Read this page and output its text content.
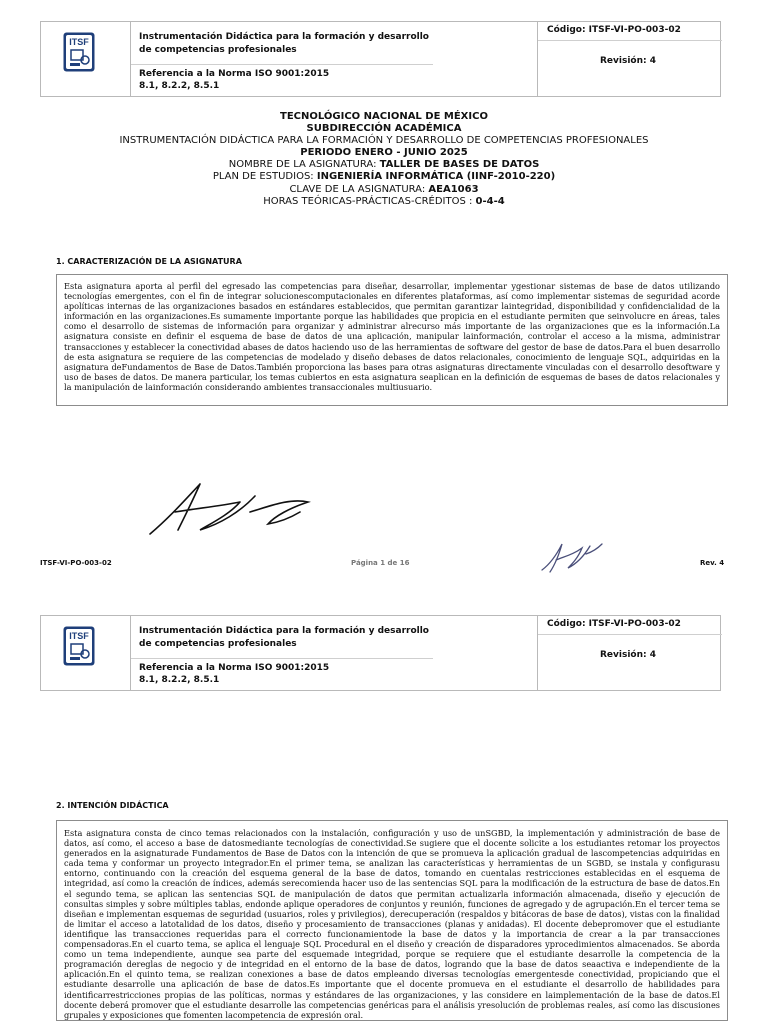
ITSF	Instrumentación Didáctica para la formación y desarrollo de competencias profesionales
Referencia a la Norma ISO 9001:2015
8.1, 8.2.2, 8.5.1
Código: ITSF-VI-PO-003-02
Revisión: 4
TECNOLÓGICO NACIONAL DE MÉXICO
SUBDIRECCIÓN ACADÉMICA
INSTRUMENTACIÓN DIDÁCTICA PARA LA FORMACIÓN Y DESARROLLO DE COMPETENCIAS PROFESIONALES
PERIODO ENERO - JUNIO 2025
NOMBRE DE LA ASIGNATURA: TALLER DE BASES DE DATOS
PLAN DE ESTUDIOS: INGENIERÍA INFORMÁTICA (IINF-2010-220)
CLAVE DE LA ASIGNATURA: AEA1063
HORAS TEÓRICAS-PRÁCTICAS-CRÉDITOS : 0-4-4
1. CARACTERIZACIÓN DE LA ASIGNATURA
Esta asignatura aporta al perfil del egresado las competencias para diseñar, desarrollar, implementar ygestionar sistemas de base de datos utilizando tecnologías emergentes, con el fin de integrar solucionescomputacionales en diferentes plataformas, así como implementar sistemas de seguridad acorde apolíticas internas de las organizaciones basados en estándares establecidos, que permitan garantizar laintegridad, disponibilidad y confidencialidad de la información en las organizaciones.Es sumamente importante porque las habilidades que propicia en el estudiante permiten que seinvolucre en áreas, tales como el desarrollo de sistemas de información para organizar y administrar alrecurso más importante de las organizaciones que es la información.La asignatura consiste en definir el esquema de base de datos de una aplicación, manipular lainformación, controlar el acceso a la misma, administrar transacciones y establecer la conectividad abases de datos haciendo uso de las herramientas de software del gestor de base de datos.Para el buen desarrollo de esta asignatura se requiere de las competencias de modelado y diseño debases de datos relacionales, conocimiento de lenguaje SQL, adquiridas en la asignatura deFundamentos de Base de Datos.También proporciona las bases para otras asignaturas directamente vinculadas con el desarrollo desoftware y uso de bases de datos. De manera particular, los temas cubiertos en esta asignatura seaplican en la definición de esquemas de bases de datos relacionales y la manipulación de lainformación considerando ambientes transaccionales multiusuario.
ITSF-VI-PO-003-02	Página 1 de 16	Rev. 4
ITSF	Instrumentación Didáctica para la formación y desarrollo de competencias profesionales
Referencia a la Norma ISO 9001:2015
8.1, 8.2.2, 8.5.1
Código: ITSF-VI-PO-003-02
Revisión: 4
2. INTENCIÓN DIDÁCTICA
Esta asignatura consta de cinco temas relacionados con la instalación, configuración y uso de unSGBD, la implementación y administración de base de datos, así como, el acceso a base de datosmediante tecnologías de conectividad.Se sugiere que el docente solicite a los estudiantes retomar los proyectos generados en la asignaturade Fundamentos de Base de Datos con la intención de que se promueva la aplicación gradual de lascompetencias adquiridas en cada tema y conformar un proyecto integrador.En el primer tema, se analizan las características y herramientas de un SGBD, se instala y configurasu entorno, continuando con la creación del esquema general de la base de datos, tomando en cuentalas restricciones establecidas en el esquema de integridad, así como la creación de índices, además serecomienda hacer uso de las sentencias SQL para la modificación de la estructura de base de datos.En el segundo tema, se aplican las sentencias SQL de manipulación de datos que permitan actualizarla información almacenada, diseño y ejecución de consultas simples y sobre múltiples tablas, endonde aplique operadores de conjuntos y reunión, funciones de agregado y de agrupación.En el tercer tema se diseñan e implementan esquemas de seguridad (usuarios, roles y privilegios), derecuperación (respaldos y bitácoras de base de datos), vistas con la finalidad de limitar el acceso a latotalidad de los datos, diseño y procesamiento de transacciones (planas y anidadas). El docente debepromover que el estudiante identifique las transacciones requeridas para el correcto funcionamientode la base de datos y la importancia de crear a la par transacciones compensadoras.En el cuarto tema, se aplica el lenguaje SQL Procedural en el diseño y creación de disparadores yprocedimientos almacenados. Se aborda como un tema independiente, aunque sea parte del esquemade integridad, porque se requiere que el estudiante desarrolle la competencia de la programación dereglas de negocio y de integridad en el entorno de la base de datos, logrando que la base de datos seaactiva e independiente de la aplicación.En el quinto tema, se realizan conexiones a base de datos empleando diversas tecnologías emergentesde conectividad, propiciando que el estudiante desarrolle una aplicación de base de datos.Es importante que el docente promueva en el estudiante el desarrollo de habilidades para identificarrestricciones propias de las políticas, normas y estándares de las organizaciones, y las considere en laimplementación de la base de datos.El docente deberá promover que el estudiante desarrolle las competencias genéricas para el análisis yresolución de problemas reales, así como las discusiones grupales y exposiciones que fomenten lacompetencia de expresión oral.
